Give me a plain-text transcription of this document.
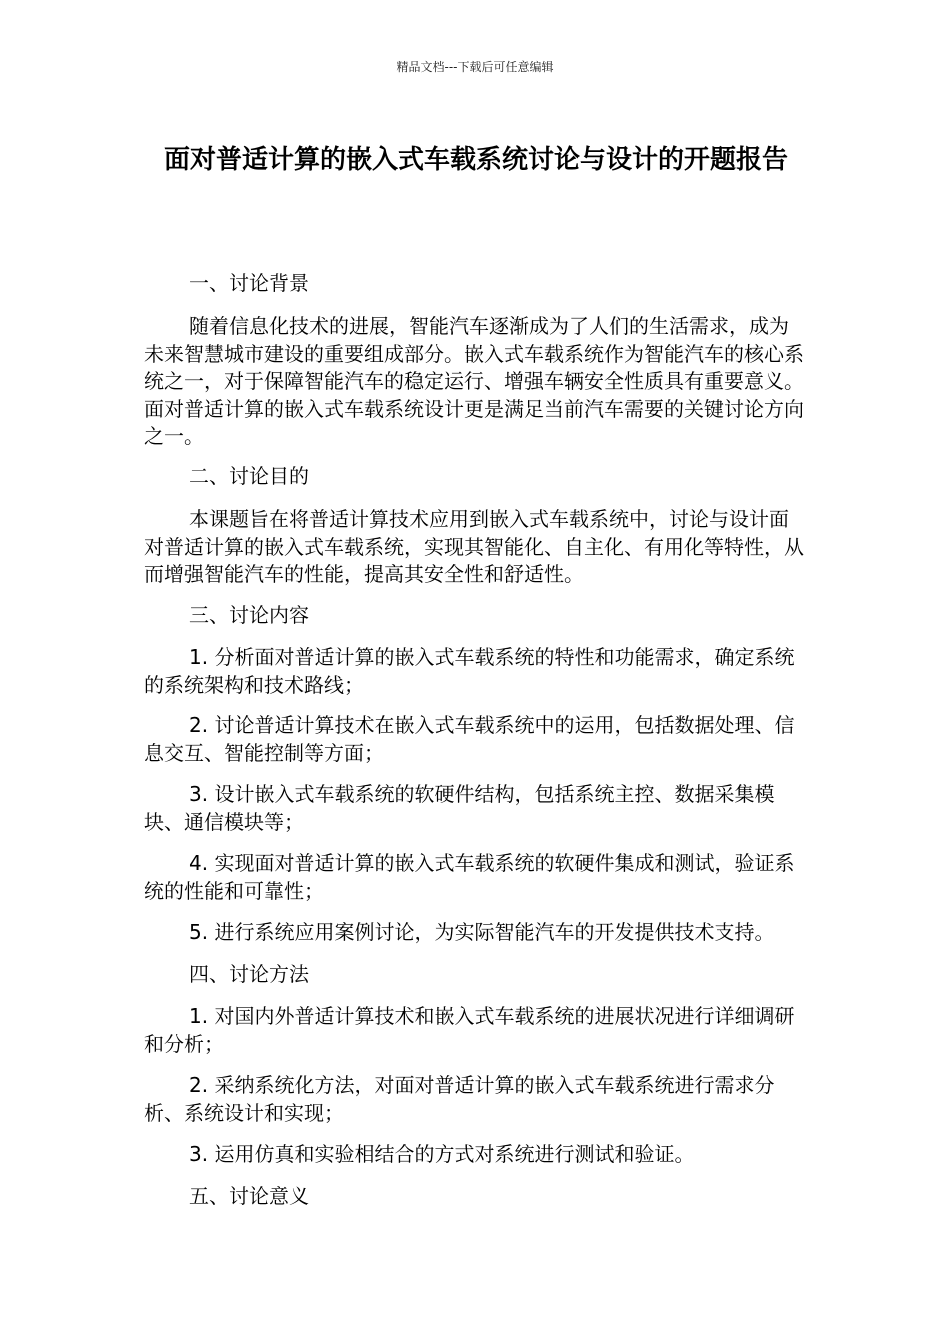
精品文档---下载后可任意编辑
面对普适计算的嵌入式车载系统讨论与设计的开题报告
一、讨论背景
随着信息化技术的进展，智能汽车逐渐成为了人们的生活需求，成为未来智慧城市建设的重要组成部分。嵌入式车载系统作为智能汽车的核心系统之一，对于保障智能汽车的稳定运行、增强车辆安全性质具有重要意义。面对普适计算的嵌入式车载系统设计更是满足当前汽车需要的关键讨论方向之一。
二、讨论目的
本课题旨在将普适计算技术应用到嵌入式车载系统中，讨论与设计面对普适计算的嵌入式车载系统，实现其智能化、自主化、有用化等特性，从而增强智能汽车的性能，提高其安全性和舒适性。
三、讨论内容
1. 分析面对普适计算的嵌入式车载系统的特性和功能需求，确定系统的系统架构和技术路线；
2. 讨论普适计算技术在嵌入式车载系统中的运用，包括数据处理、信息交互、智能控制等方面；
3. 设计嵌入式车载系统的软硬件结构，包括系统主控、数据采集模块、通信模块等；
4. 实现面对普适计算的嵌入式车载系统的软硬件集成和测试，验证系统的性能和可靠性；
5. 进行系统应用案例讨论，为实际智能汽车的开发提供技术支持。
四、讨论方法
1. 对国内外普适计算技术和嵌入式车载系统的进展状况进行详细调研和分析；
2. 采纳系统化方法，对面对普适计算的嵌入式车载系统进行需求分析、系统设计和实现；
3. 运用仿真和实验相结合的方式对系统进行测试和验证。
五、讨论意义
